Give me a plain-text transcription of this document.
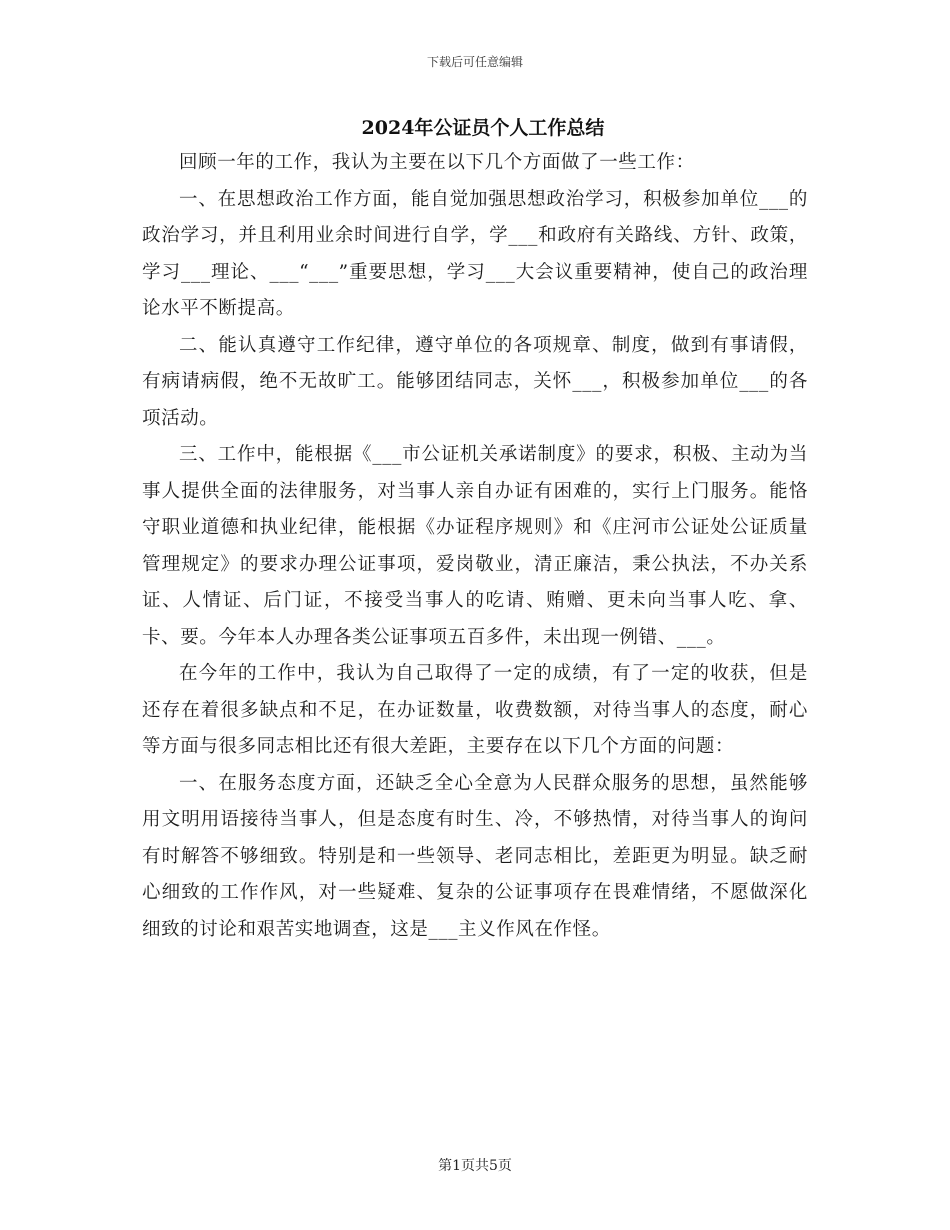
下载后可任意编辑
2024年公证员个人工作总结

回顾一年的工作，我认为主要在以下几个方面做了一些工作：

一、在思想政治工作方面，能自觉加强思想政治学习，积极参加单位___的政治学习，并且利用业余时间进行自学，学___和政府有关路线、方针、政策，学习___理论、___“___”重要思想，学习___大会议重要精神，使自己的政治理论水平不断提高。

二、能认真遵守工作纪律，遵守单位的各项规章、制度，做到有事请假，有病请病假，绝不无故旷工。能够团结同志，关怀___，积极参加单位___的各项活动。

三、工作中，能根据《___市公证机关承诺制度》的要求，积极、主动为当事人提供全面的法律服务，对当事人亲自办证有困难的，实行上门服务。能恪守职业道德和执业纪律，能根据《办证程序规则》和《庄河市公证处公证质量管理规定》的要求办理公证事项，爱岗敬业，清正廉洁，秉公执法，不办关系证、人情证、后门证，不接受当事人的吃请、贿赠、更未向当事人吃、拿、卡、要。今年本人办理各类公证事项五百多件，未出现一例错、___。

在今年的工作中，我认为自己取得了一定的成绩，有了一定的收获，但是还存在着很多缺点和不足，在办证数量，收费数额，对待当事人的态度，耐心等方面与很多同志相比还有很大差距，主要存在以下几个方面的问题：

一、在服务态度方面，还缺乏全心全意为人民群众服务的思想，虽然能够用文明用语接待当事人，但是态度有时生、冷，不够热情，对待当事人的询问有时解答不够细致。特别是和一些领导、老同志相比，差距更为明显。缺乏耐心细致的工作作风，对一些疑难、复杂的公证事项存在畏难情绪，不愿做深化细致的讨论和艰苦实地调查，这是___主义作风在作怪。

第1页共5页
